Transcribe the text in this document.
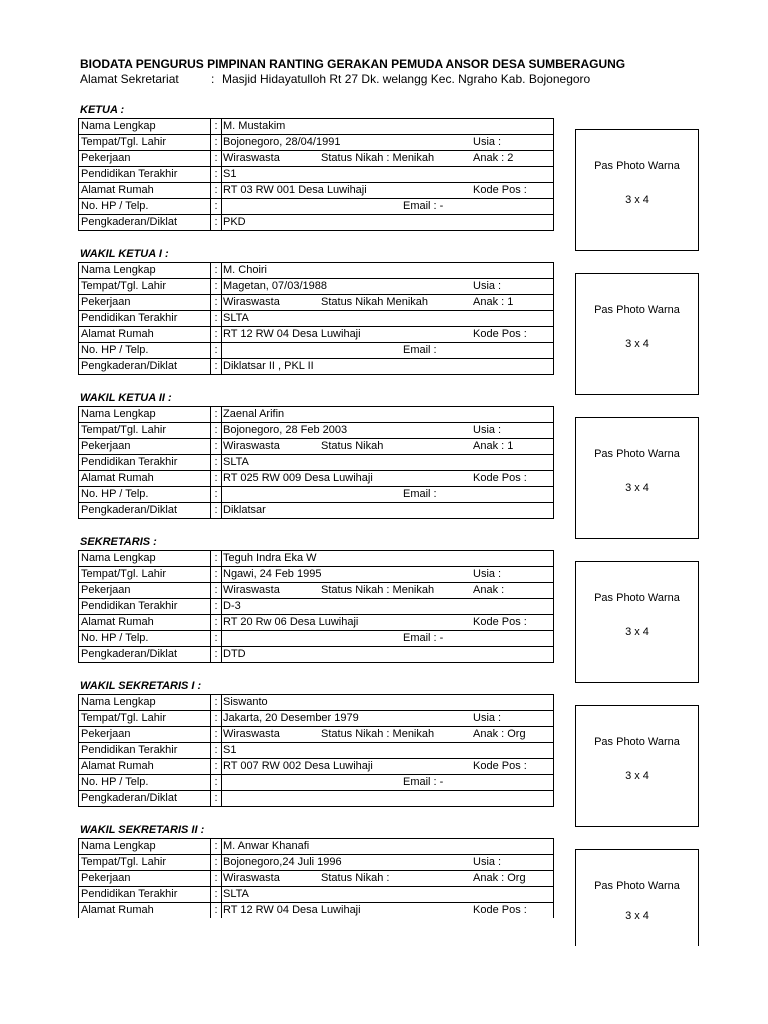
BIODATA PENGURUS PIMPINAN RANTING GERAKAN PEMUDA ANSOR DESA SUMBERAGUNG
Alamat Sekretariat	: Masjid Hidayatulloh Rt 27 Dk. welangg Kec. Ngraho Kab. Bojonegoro
KETUA :
Nama Lengkap	: M. Mustakim
Tempat/Tgl. Lahir	: Bojonegoro, 28/04/1991	Usia :
Pekerjaan	: Wiraswasta	Status Nikah : Menikah	Anak : 2
Pendidikan Terakhir	: S1
Alamat Rumah	: RT 03 RW 001 Desa Luwihaji	Kode Pos :
No. HP / Telp.	:	Email : -
Pengkaderan/Diklat	: PKD
Pas Photo Warna
3 x 4
WAKIL KETUA I :
Nama Lengkap	: M. Choiri
Tempat/Tgl. Lahir	: Magetan, 07/03/1988	Usia :
Pekerjaan	: Wiraswasta	Status Nikah Menikah	Anak : 1
Pendidikan Terakhir	: SLTA
Alamat Rumah	: RT 12 RW 04 Desa Luwihaji	Kode Pos :
No. HP / Telp.	:	Email :
Pengkaderan/Diklat	: Diklatsar II , PKL II
Pas Photo Warna
3 x 4
WAKIL KETUA II :
Nama Lengkap	: Zaenal Arifin
Tempat/Tgl. Lahir	: Bojonegoro, 28 Feb 2003	Usia :
Pekerjaan	: Wiraswasta	Status Nikah	Anak : 1
Pendidikan Terakhir	: SLTA
Alamat Rumah	: RT 025 RW 009 Desa Luwihaji	Kode Pos :
No. HP / Telp.	:	Email :
Pengkaderan/Diklat	: Diklatsar
Pas Photo Warna
3 x 4
SEKRETARIS :
Nama Lengkap	: Teguh Indra Eka W
Tempat/Tgl. Lahir	: Ngawi, 24 Feb 1995	Usia :
Pekerjaan	: Wiraswasta	Status Nikah : Menikah	Anak :
Pendidikan Terakhir	: D-3
Alamat Rumah	: RT 20 Rw 06 Desa Luwihaji	Kode Pos :
No. HP / Telp.	:	Email : -
Pengkaderan/Diklat	: DTD
Pas Photo Warna
3 x 4
WAKIL SEKRETARIS I :
Nama Lengkap	: Siswanto
Tempat/Tgl. Lahir	: Jakarta, 20 Desember 1979	Usia :
Pekerjaan	: Wiraswasta	Status Nikah : Menikah	Anak : Org
Pendidikan Terakhir	: S1
Alamat Rumah	: RT 007 RW 002 Desa Luwihaji	Kode Pos :
No. HP / Telp.	:	Email : -
Pengkaderan/Diklat	:
Pas Photo Warna
3 x 4
WAKIL SEKRETARIS II :
Nama Lengkap	: M. Anwar Khanafi
Tempat/Tgl. Lahir	: Bojonegoro,24 Juli 1996	Usia :
Pekerjaan	: Wiraswasta	Status Nikah :	Anak : Org
Pendidikan Terakhir	: SLTA
Alamat Rumah	: RT 12 RW 04 Desa Luwihaji	Kode Pos :
Pas Photo Warna
3 x 4
